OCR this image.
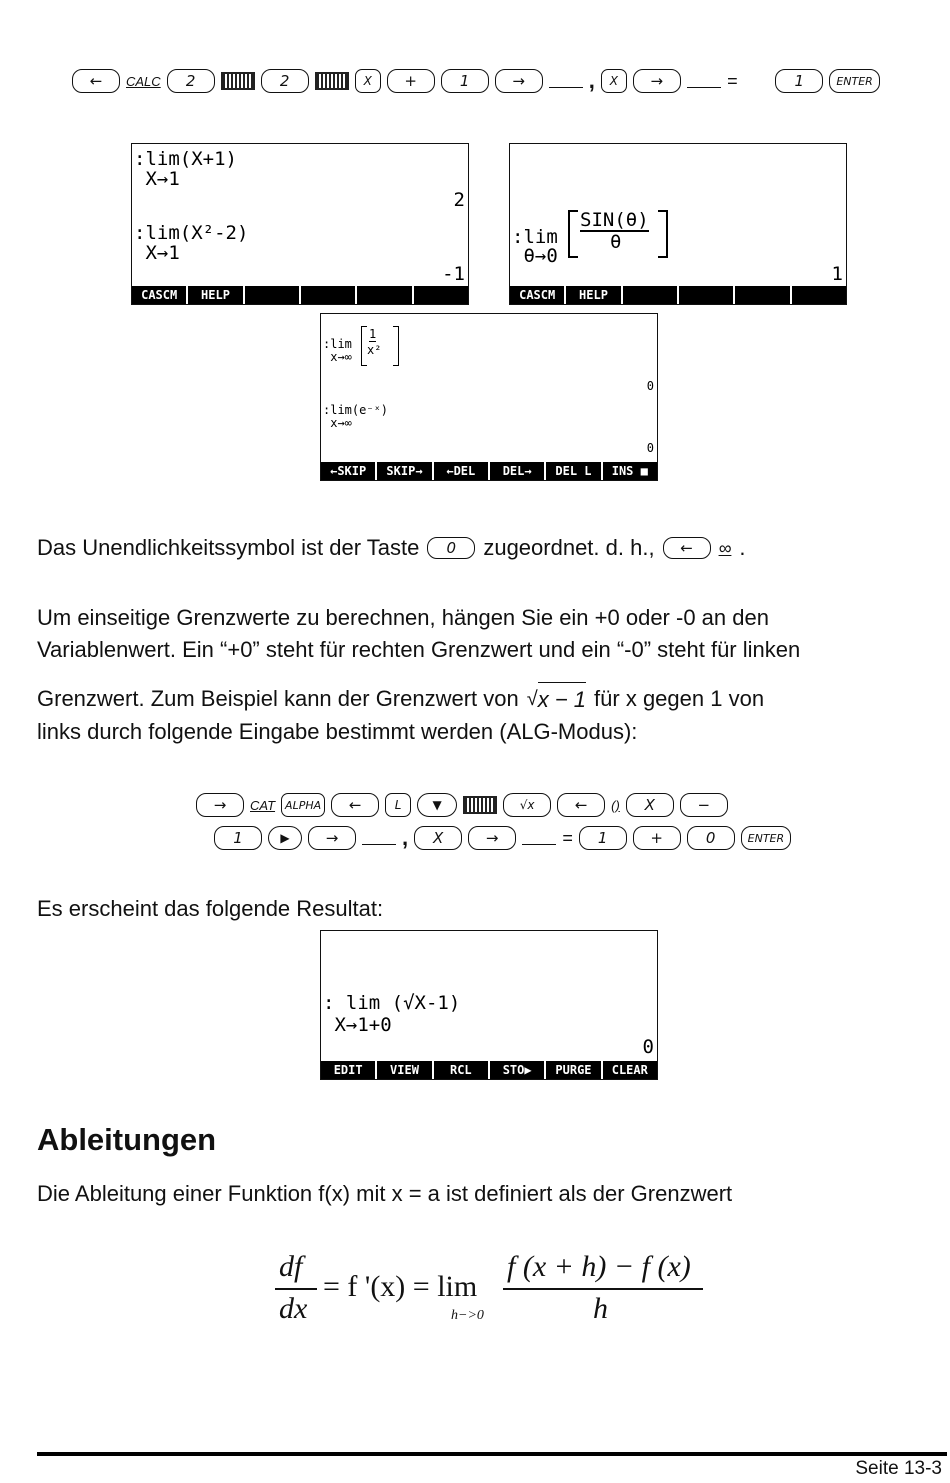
←	CALC	2	2	X	+	1	→	,	X	→	=	1	ENTER
:lim(X+1)
X→1
2
:lim(X²-2)
X→1
-1
CASCM	HELP
:lim
θ→0
SIN(θ)
θ
1
CASCM	HELP
:lim
x→∞
1
x²
0
:lim(e⁻ˣ)
x→∞
0
←SKIP	SKIP→	←DEL	DEL→	DEL L	INS ■
Das Unendlichkeitssymbol ist der Taste	0	zugeordnet. d. h.,	←	∞ .
Um einseitige Grenzwerte zu berechnen, hängen Sie ein +0 oder -0 an den
Variablenwert. Ein “+0” steht für rechten Grenzwert und ein “-0” steht für linken
Grenzwert. Zum Beispiel kann der Grenzwert von √ x − 1 für x gegen 1 von
links durch folgende Eingabe bestimmt werden (ALG-Modus):
→	CAT ALPHA	←	L	▼	√x	←	()	X	−
1	▶	→	,	X	→	=	1	+	0	ENTER
Es erscheint das folgende Resultat:
: lim (√X-1)
X→1+0
0
EDIT	VIEW	RCL	STO▶	PURGE	CLEAR
Ableitungen
Die Ableitung einer Funktion f(x) mit x = a ist definiert als der Grenzwert
df
dx
= f '(x) = lim
h−>0
f (x + h) − f (x)
h
Seite 13-3
